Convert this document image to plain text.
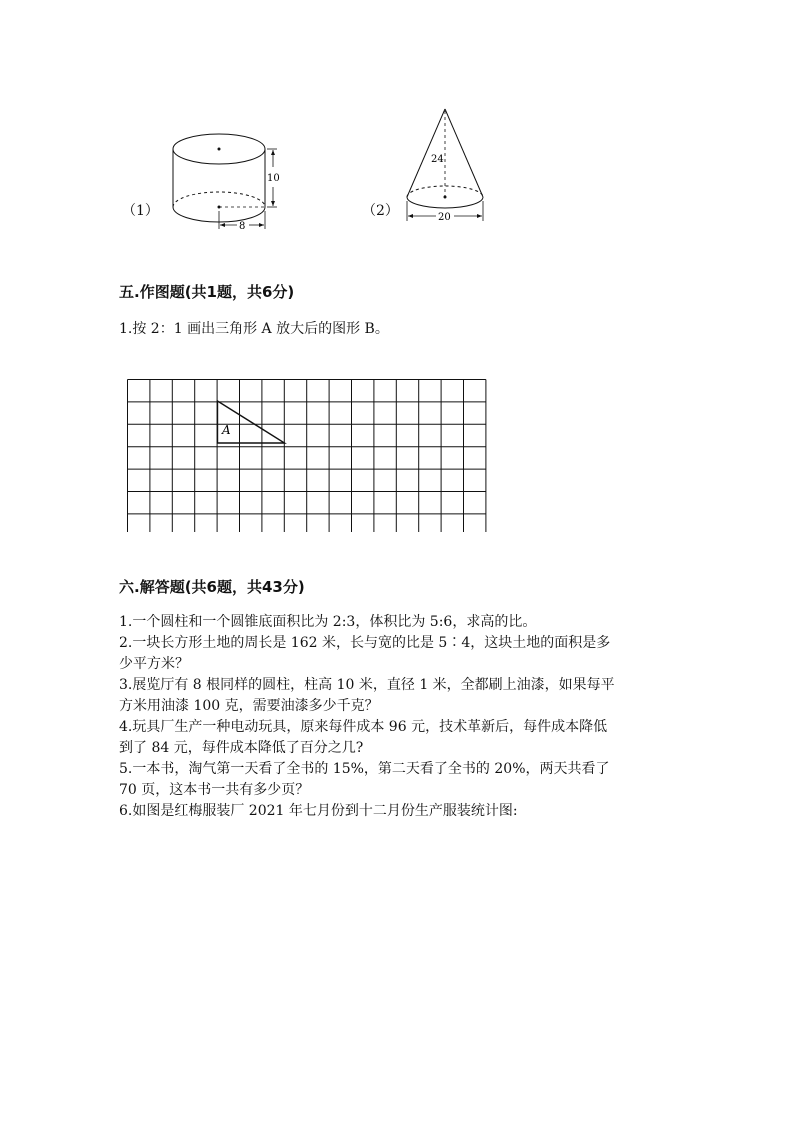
（1）
10
8
（2）
24
20
五.作图题(共1题，共6分)
1.按 2：1 画出三角形 A 放大后的图形 B。
A
六.解答题(共6题，共43分)
1.一个圆柱和一个圆锥底面积比为 2:3，体积比为 5:6，求高的比。
2.一块长方形土地的周长是 162 米，长与宽的比是 5∶4，这块土地的面积是多
少平方米？
3.展览厅有 8 根同样的圆柱，柱高 10 米，直径 1 米，全都刷上油漆，如果每平
方米用油漆 100 克，需要油漆多少千克？
4.玩具厂生产一种电动玩具，原来每件成本 96 元，技术革新后，每件成本降低
到了 84 元，每件成本降低了百分之几?
5.一本书，淘气第一天看了全书的 15%，第二天看了全书的 20%，两天共看了
70 页，这本书一共有多少页？
6.如图是红梅服装厂 2021 年七月份到十二月份生产服装统计图:
